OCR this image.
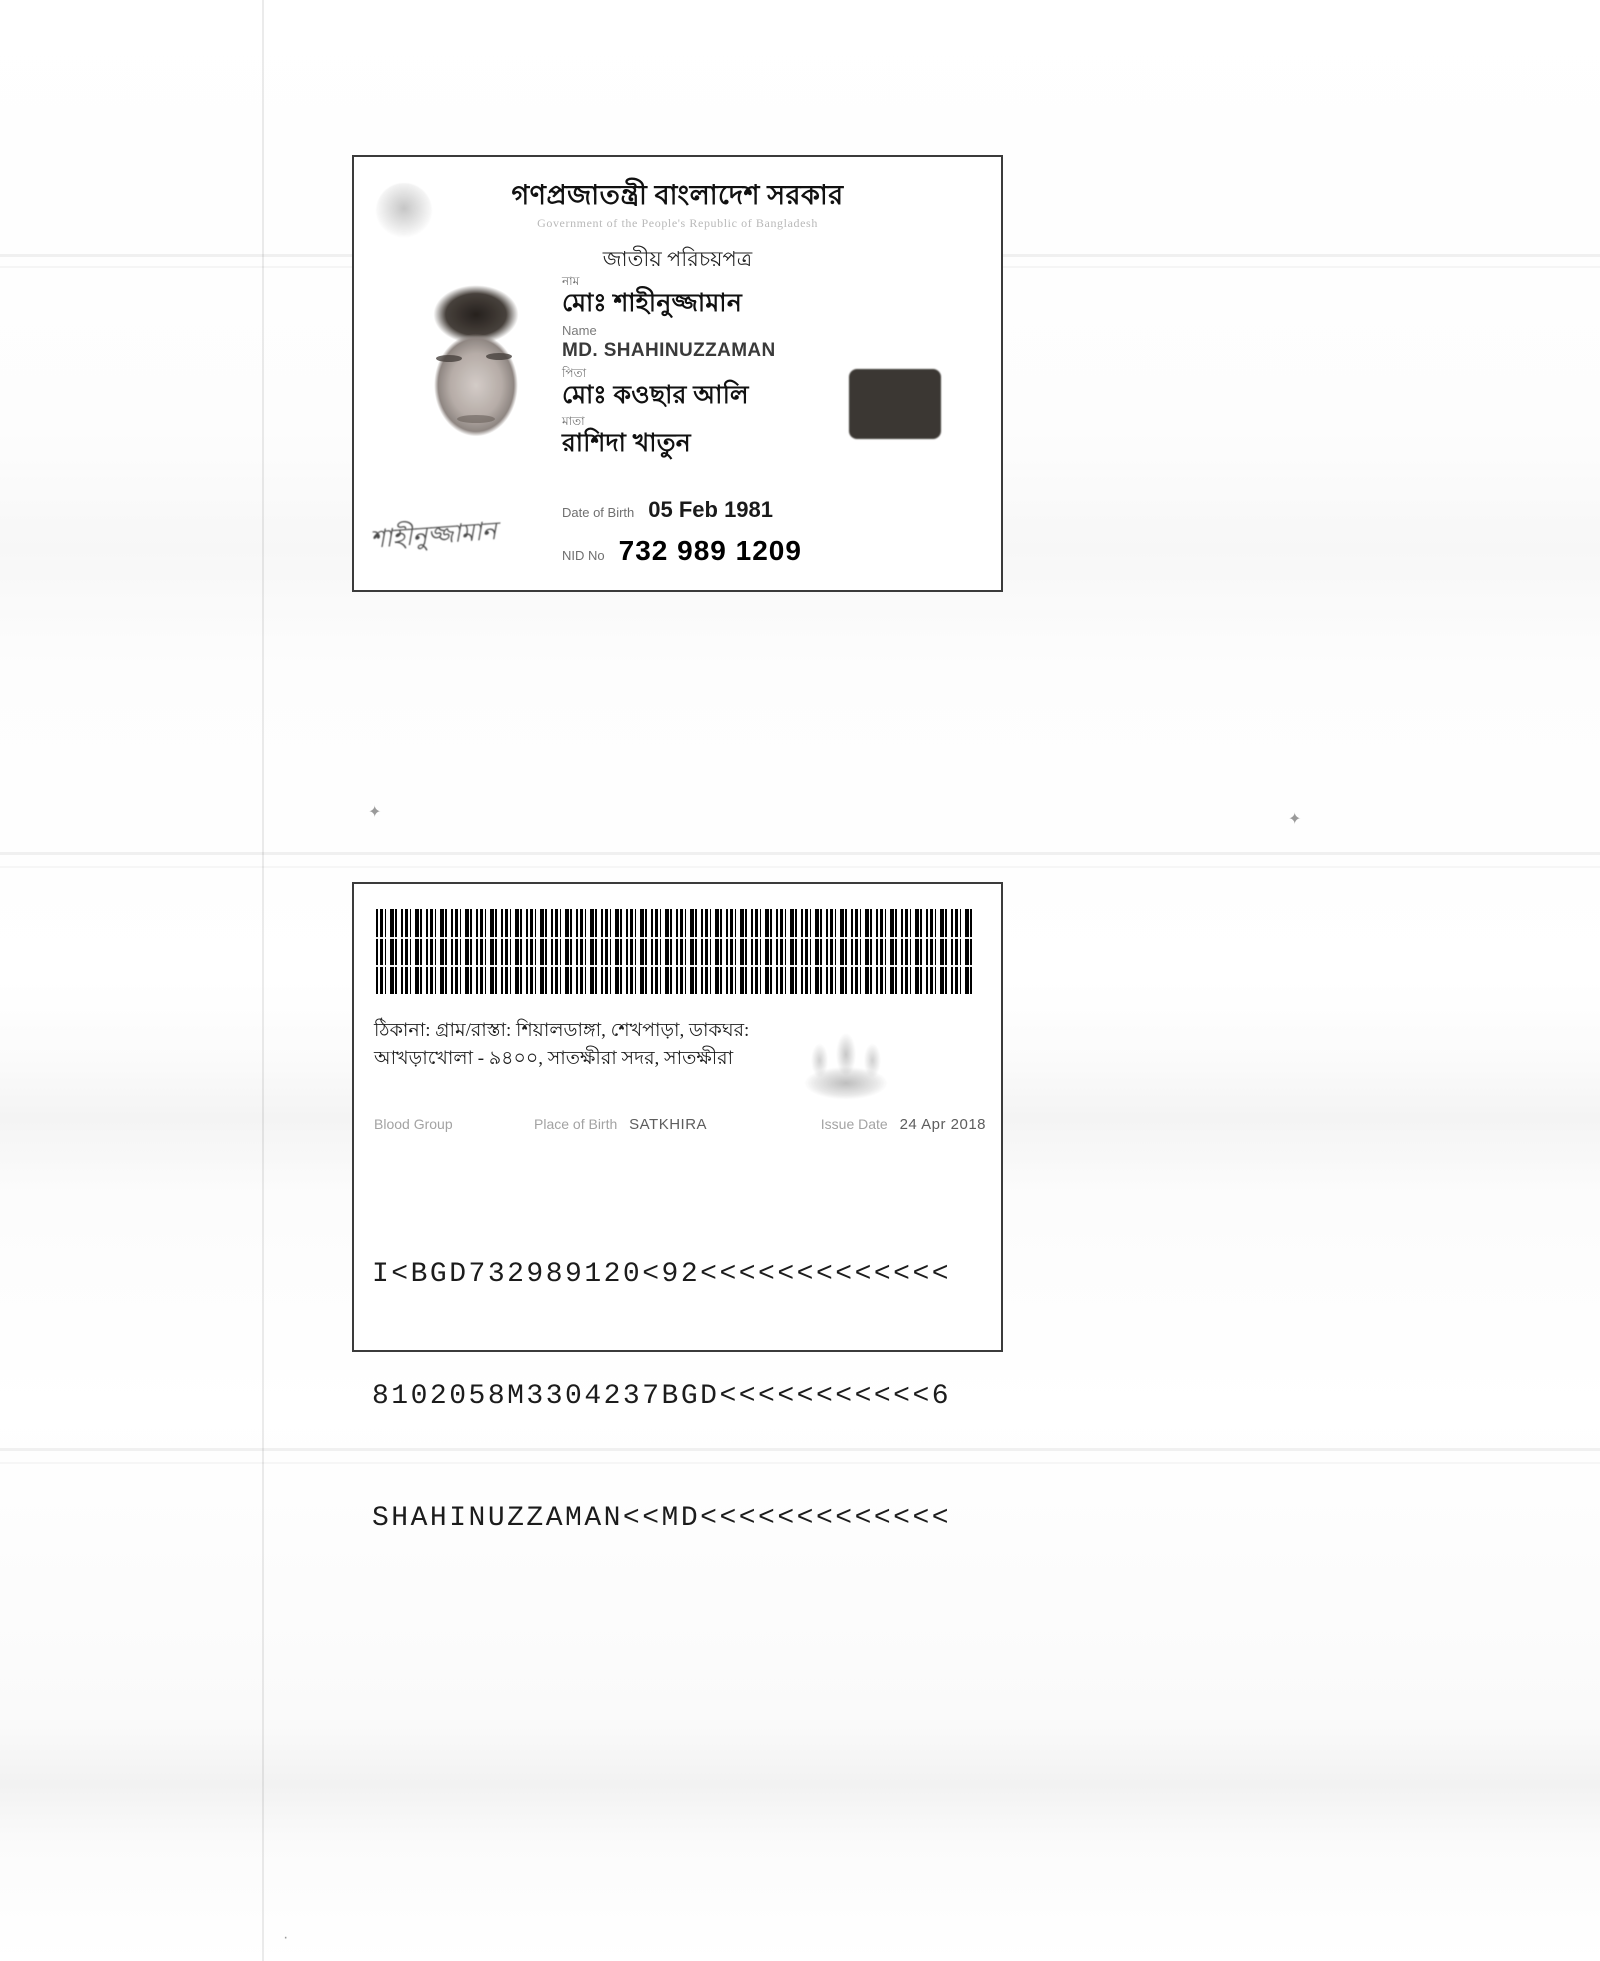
✦	✦
·
গণপ্রজাতন্ত্রী বাংলাদেশ সরকার
Government of the People's Republic of Bangladesh
জাতীয় পরিচয়পত্র
নাম
মোঃ শাহীনুজ্জামান
Name
MD. SHAHINUZZAMAN
পিতা
মোঃ কওছার আলি
মাতা
রাশিদা খাতুন
Date of Birth 05 Feb 1981
NID No 732 989 1209
শাহীনুজ্জামান
ঠিকানা: গ্রাম/রাস্তা: শিয়ালডাঙ্গা, শেখপাড়া, ডাকঘর:
আখড়াখোলা - ৯৪০০, সাতক্ষীরা সদর, সাতক্ষীরা
Blood Group	Place of Birth SATKHIRA	Issue Date 24 Apr 2018

I<BGD732989120<92<<<<<<<<<<<<<

8102058M3304237BGD<<<<<<<<<<<6

SHAHINUZZAMAN<<MD<<<<<<<<<<<<<
